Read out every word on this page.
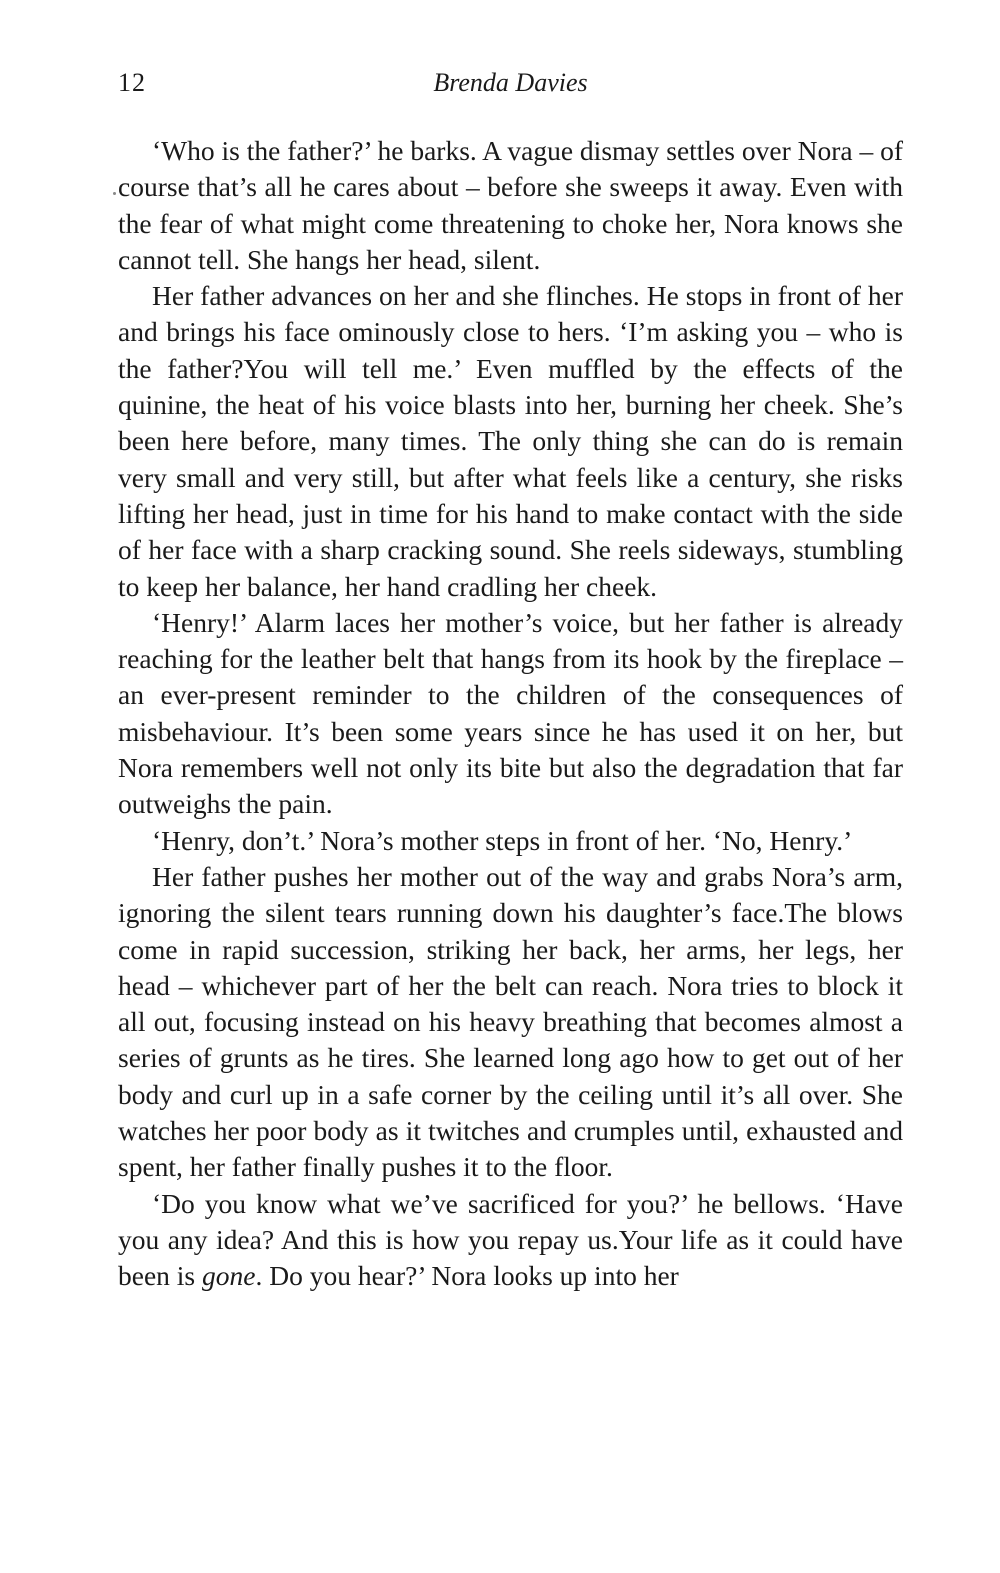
12	Brenda Davies

‘Who is the father?’ he barks. A vague dismay settles over Nora – of course that’s all he cares about – before she sweeps it away. Even with the fear of what might come threatening to choke her, Nora knows she cannot tell. She hangs her head, silent.

Her father advances on her and she flinches. He stops in front of her and brings his face ominously close to hers. ‘I’m asking you – who is the father?You will tell me.’ Even muffled by the effects of the quinine, the heat of his voice blasts into her, burning her cheek. She’s been here before, many times. The only thing she can do is remain very small and very still, but after what feels like a century, she risks lifting her head, just in time for his hand to make contact with the side of her face with a sharp cracking sound. She reels sideways, stumbling to keep her balance, her hand cradling her cheek.

‘Henry!’ Alarm laces her mother’s voice, but her father is already reaching for the leather belt that hangs from its hook by the fireplace – an ever-present reminder to the children of the consequences of misbehaviour. It’s been some years since he has used it on her, but Nora remembers well not only its bite but also the degradation that far outweighs the pain.

‘Henry, don’t.’ Nora’s mother steps in front of her. ‘No, Henry.’

Her father pushes her mother out of the way and grabs Nora’s arm, ignoring the silent tears running down his daughter’s face.The blows come in rapid succession, striking her back, her arms, her legs, her head – whichever part of her the belt can reach. Nora tries to block it all out, focusing instead on his heavy breathing that becomes almost a series of grunts as he tires. She learned long ago how to get out of her body and curl up in a safe corner by the ceiling until it’s all over. She watches her poor body as it twitches and crumples until, exhausted and spent, her father finally pushes it to the floor.

‘Do you know what we’ve sacrificed for you?’ he bellows. ‘Have you any idea? And this is how you repay us.Your life as it could have been is gone. Do you hear?’ Nora looks up into her
